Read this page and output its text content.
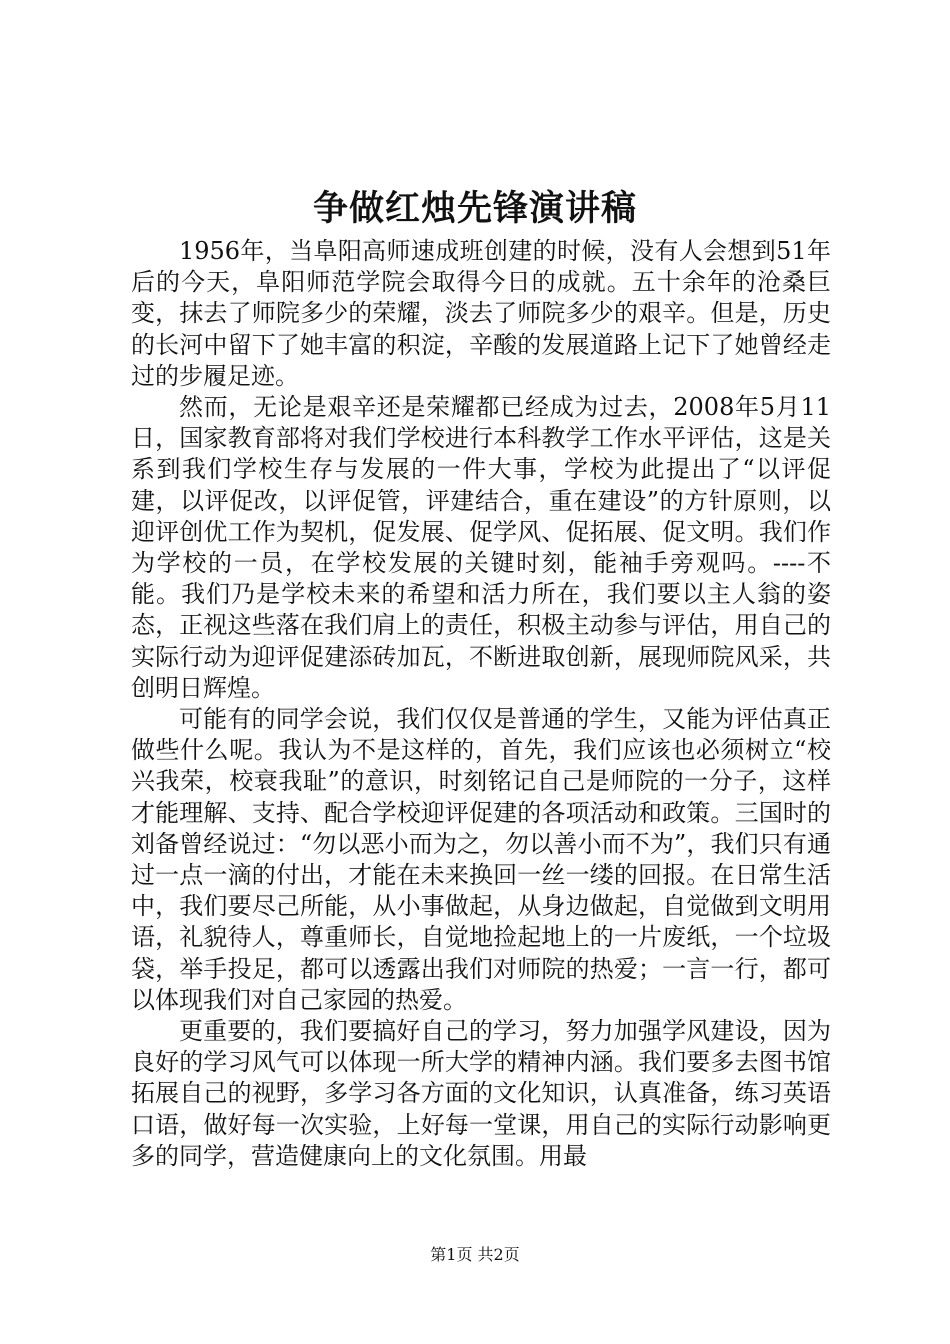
争做红烛先锋演讲稿

1956年，当阜阳高师速成班创建的时候，没有人会想到51年后的今天，阜阳师范学院会取得今日的成就。五十余年的沧桑巨变，抹去了师院多少的荣耀，淡去了师院多少的艰辛。但是，历史的长河中留下了她丰富的积淀，辛酸的发展道路上记下了她曾经走过的步履足迹。

然而，无论是艰辛还是荣耀都已经成为过去，2008年5月11日，国家教育部将对我们学校进行本科教学工作水平评估，这是关系到我们学校生存与发展的一件大事，学校为此提出了“以评促建，以评促改，以评促管，评建结合，重在建设”的方针原则，以迎评创优工作为契机，促发展、促学风、促拓展、促文明。我们作为学校的一员，在学校发展的关键时刻，能袖手旁观吗。----不能。我们乃是学校未来的希望和活力所在，我们要以主人翁的姿态，正视这些落在我们肩上的责任，积极主动参与评估，用自己的实际行动为迎评促建添砖加瓦，不断进取创新，展现师院风采，共创明日辉煌。

可能有的同学会说，我们仅仅是普通的学生，又能为评估真正做些什么呢。我认为不是这样的，首先，我们应该也必须树立“校兴我荣，校衰我耻”的意识，时刻铭记自己是师院的一分子，这样才能理解、支持、配合学校迎评促建的各项活动和政策。三国时的刘备曾经说过：“勿以恶小而为之，勿以善小而不为”，我们只有通过一点一滴的付出，才能在未来换回一丝一缕的回报。在日常生活中，我们要尽己所能，从小事做起，从身边做起，自觉做到文明用语，礼貌待人，尊重师长，自觉地捡起地上的一片废纸，一个垃圾袋，举手投足，都可以透露出我们对师院的热爱；一言一行，都可以体现我们对自己家园的热爱。

更重要的，我们要搞好自己的学习，努力加强学风建设，因为良好的学习风气可以体现一所大学的精神内涵。我们要多去图书馆拓展自己的视野，多学习各方面的文化知识，认真准备，练习英语口语，做好每一次实验，上好每一堂课，用自己的实际行动影响更多的同学，营造健康向上的文化氛围。用最

第1页 共2页
